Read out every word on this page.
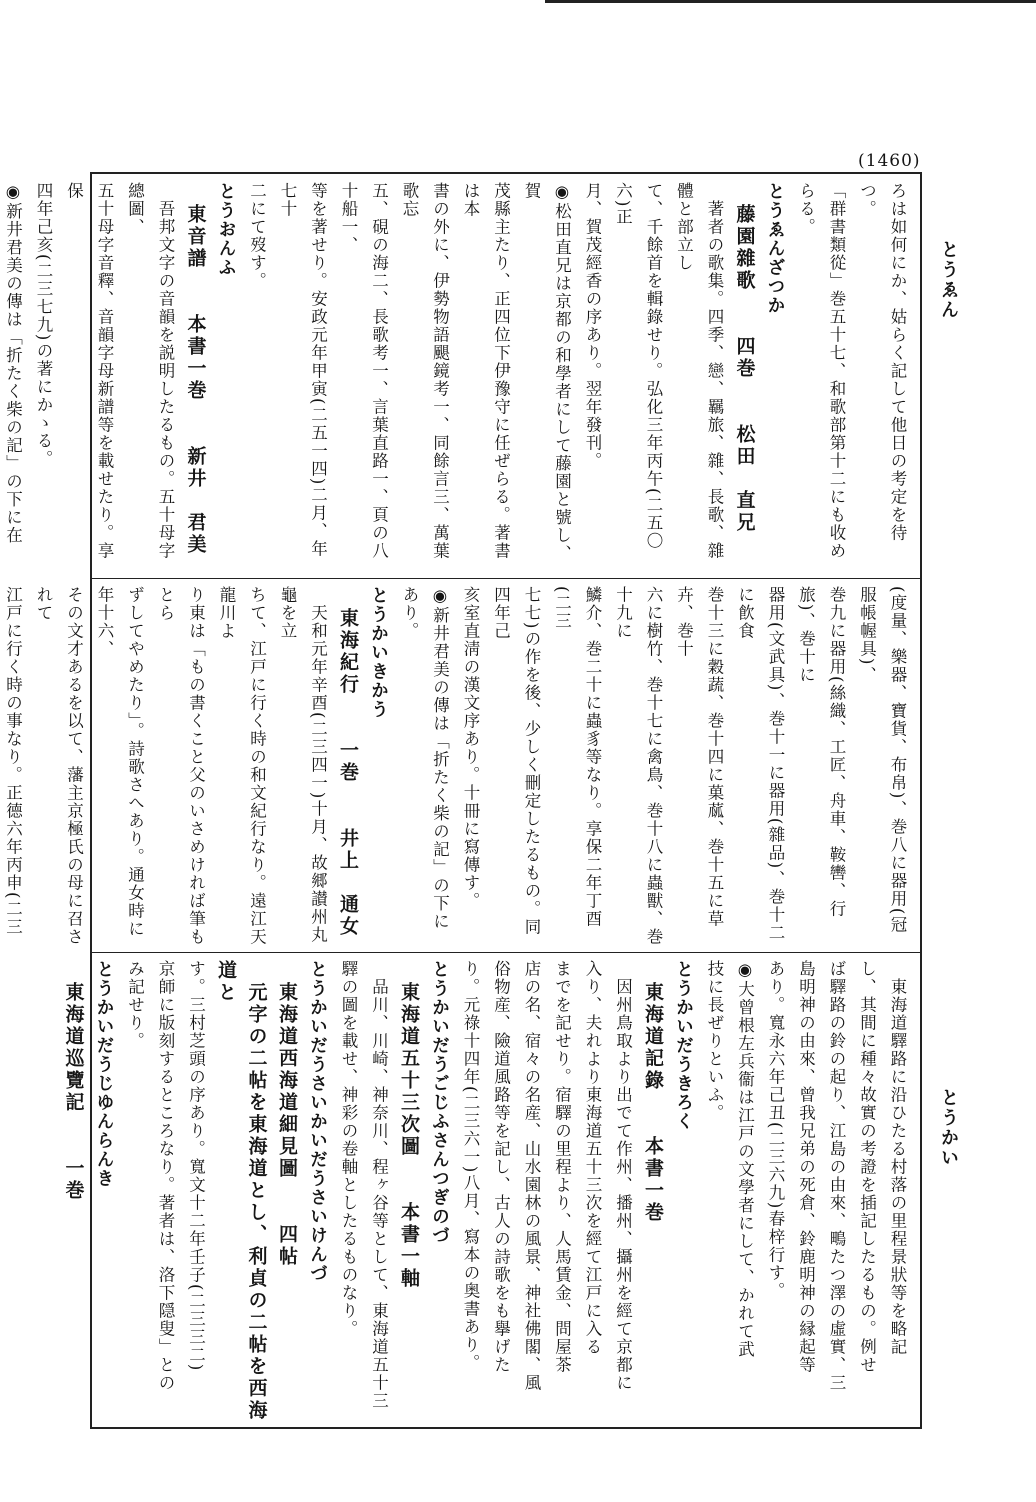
(1460)
とうゑん
とうかい
ろは如何にか、姑らく記して他日の考定を待つ。
「群書類從」巻五十七、和歌部第十二にも收めらる。
とうゑんざつか
　藤園雜歌　　四巻　　松田　直兄
　著者の歌集。四季、戀、羈旅、雜、長歌、雜體と部立し
て、千餘首を輯錄せり。弘化三年丙午(二五〇六)正
月、賀茂經香の序あり。翌年發刊。
◉松田直兄は京都の和學者にして藤園と號し、賀
茂縣主たり、正四位下伊豫守に任ぜらる。著書は本
書の外に、伊勢物語颶鏡考一、同餘言三、萬葉歌忘
五、硯の海二、長歌考一、言葉直路一、頁の八十船一、
等を著せり。安政元年甲寅(二五一四)二月、年七十
二にて歿す。
とうおんふ
　東音譜　　本書一巻　　新井　君美
　吾邦文字の音韻を説明したるもの。五十母字總圖、
五十母字音釋、音韻字母新譜等を載せたり。享保
四年己亥(二三七九)の著にかゝる。
◉新井君美の傳は「折たく柴の記」の下に在
(度量、樂器、寶貨、布帛)、巻八に器用(冠服帳幄具)、
巻九に器用(絲織、工匠、舟車、鞍轡、行旅)、巻十に
器用(文武具)、巻十一に器用(雜品)、巻十二に飮食
巻十三に穀蔬、巻十四に菓蓏、巻十五に草卉、巻十
六に樹竹、巻十七に禽鳥、巻十八に蟲獸、巻十九に
鱗介、巻二十に蟲豸等なり。享保二年丁酉(二三
七七)の作を後、少しく刪定したるもの。同四年己
亥室直淸の漢文序あり。十冊に寫傳す。
◉新井君美の傳は「折たく柴の記」の下にあり。
とうかいきかう
　東海紀行　　一巻　　井上　通女
　天和元年辛酉(二三四一)十月、故郷讃州丸龜を立
ちて、江戸に行く時の和文紀行なり。遠江天龍川よ
り東は「もの書くこと父のいさめければ筆もとら
ずしてやめたり」。詩歌さへあり。通女時に年十六、
その文才あるを以て、藩主京極氏の母に召されて
江戸に行く時の事なり。正德六年丙申(二三
　東海道驛路に沿ひたる村落の里程景狀等を略記
し、其間に種々故實の考證を插記したるもの。例せ
ば驛路の鈴の起り、江島の由來、鴫たつ澤の虛實、三
島明神の由來、曾我兄弟の死倉、鈴鹿明神の縁起等
あり。寬永六年己丑(二三六九)春梓行す。
◉大曾根左兵衞は江戸の文學者にして、かれて武
技に長ぜりといふ。
とうかいだうきろく
　東海道記錄　　本書一巻
　因州鳥取より出でて作州、播州、攝州を經て京都に
入り、夫れより東海道五十三次を經て江戸に入る
までを記せり。宿驛の里程より、人馬賃金、問屋茶
店の名、宿々の名産、山水園林の風景、神社佛閣、風
俗物産、險道風路等を記し、古人の詩歌をも擧げた
り。元祿十四年(二三六一)八月、寫本の奥書あり。
とうかいだうごじふさんつぎのづ
　東海道五十三次圖　　本書一軸
　品川、川崎、神奈川、程ヶ谷等として、東海道五十三
驛の圖を載せ、神彩の卷軸としたるものなり。
とうかいだうさいかいだうさいけんづ
　東海道西海道細見圖　　四帖
　元字の二帖を東海道とし、利貞の二帖を西海道と
す。三村芝頭の序あり。寬文十二年壬子(二三三二)
京師に版刻するところなり。著者は、洛下隠叟」との
み記せり。
とうかいだうじゆんらんき
　東海道巡覽記　　一巻
